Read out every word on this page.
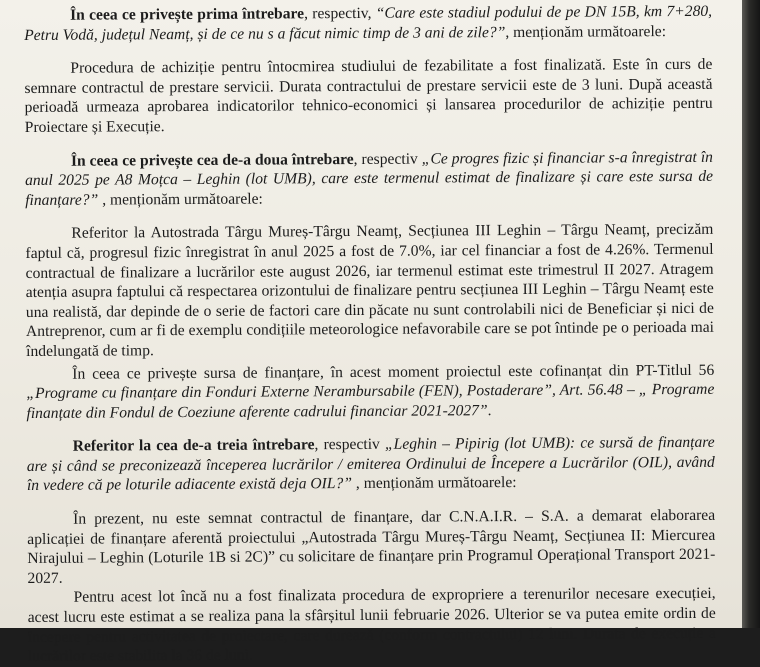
În ceea ce privește prima întrebare, respectiv, “Care este stadiul podului de pe DN 15B, km 7+280, Petru Vodă, județul Neamț, și de ce nu s a făcut nimic timp de 3 ani de zile?”, menționăm următoarele:

Procedura de achiziție pentru întocmirea studiului de fezabilitate a fost finalizată. Este în curs de semnare contractul de prestare servicii. Durata contractului de prestare servicii este de 3 luni. După această perioadă urmeaza aprobarea indicatorilor tehnico-economici și lansarea procedurilor de achiziție pentru Proiectare și Execuție.

În ceea ce privește cea de-a doua întrebare, respectiv „Ce progres fizic și financiar s-a înregistrat în anul 2025 pe A8 Moțca – Leghin (lot UMB), care este termenul estimat de finalizare și care este sursa de finanțare?” , menționăm următoarele:

Referitor la Autostrada Târgu Mureș-Târgu Neamț, Secțiunea III Leghin – Târgu Neamț, precizăm faptul că, progresul fizic înregistrat în anul 2025 a fost de 7.0%, iar cel financiar a fost de 4.26%. Termenul contractual de finalizare a lucrărilor este august 2026, iar termenul estimat este trimestrul II 2027. Atragem atenția asupra faptului că respectarea orizontului de finalizare pentru secțiunea III Leghin – Târgu Neamț este una realistă, dar depinde de o serie de factori care din păcate nu sunt controlabili nici de Beneficiar și nici de Antreprenor, cum ar fi de exemplu condițiile meteorologice nefavorabile care se pot întinde pe o perioada mai îndelungată de timp.

În ceea ce privește sursa de finanțare, în acest moment proiectul este cofinanțat din PT-Titlul 56 „Programe cu finanțare din Fonduri Externe Nerambursabile (FEN), Postaderare”, Art. 56.48 – „ Programe finanțate din Fondul de Coeziune aferente cadrului financiar 2021-2027”.

Referitor la cea de-a treia întrebare, respectiv „Leghin – Pipirig (lot UMB): ce sursă de finanțare are și când se preconizează începerea lucrărilor / emiterea Ordinului de Începere a Lucrărilor (OIL), având în vedere că pe loturile adiacente există deja OIL?” , menționăm următoarele:

În prezent, nu este semnat contractul de finanțare, dar C.N.A.I.R. – S.A. a demarat elaborarea aplicației de finanțare aferentă proiectului „Autostrada Târgu Mureș-Târgu Neamț, Secțiunea II: Miercurea Nirajului – Leghin (Loturile 1B si 2C)” cu solicitare de finanțare prin Programul Operațional Transport 2021-2027.

Pentru acest lot încă nu a fost finalizata procedura de expropriere a terenurilor necesare execuției, acest lucru este estimat a se realiza pana la sfârșitul lunii februarie 2026. Ulterior se va putea emite ordin de începere pentru activitatea de proiectare, care durează (conform contractului) 12 luni. Durata de execuție a lucrărilor este stabilita la 36 de luni.
